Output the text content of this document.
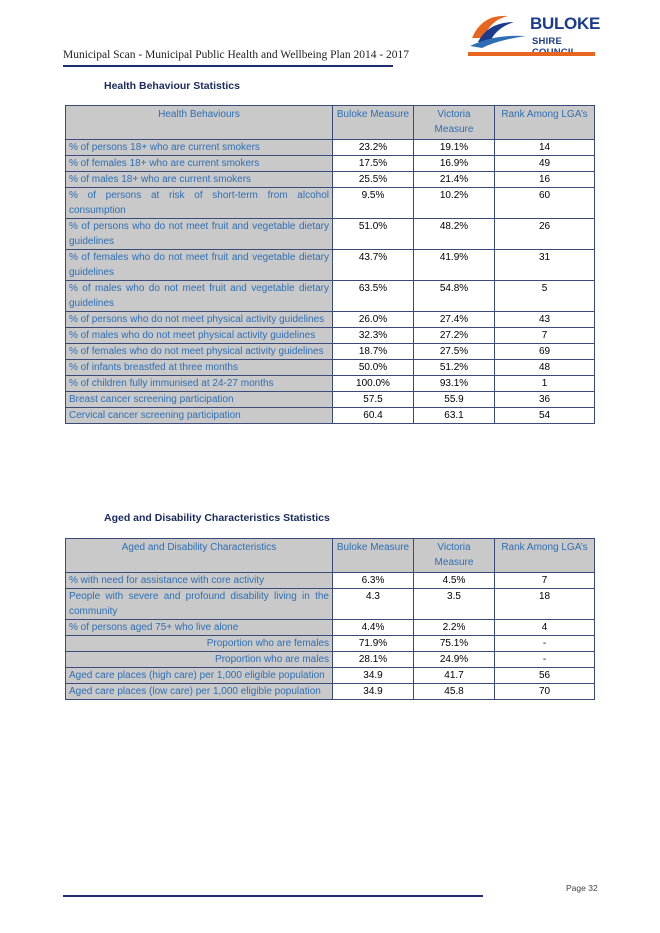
Municipal Scan - Municipal Public Health and Wellbeing Plan 2014 - 2017
BULOKE
SHIRE
Health Behaviour Statistics
Health Behaviours	Buloke Measure	Victoria Measure	Rank Among LGA’s
% of persons 18+ who are current smokers	23.2%	19.1%	14
% of females 18+ who are current smokers	17.5%	16.9%	49
% of males 18+ who are current smokers	25.5%	21.4%	16
% of persons at risk of short-term from alcohol consumption	9.5%	10.2%	60
% of persons who do not meet fruit and vegetable dietary guidelines	51.0%	48.2%	26
% of females who do not meet fruit and vegetable dietary guidelines	43.7%	41.9%	31
% of males who do not meet fruit and vegetable dietary guidelines	63.5%	54.8%	5
% of persons who do not meet physical activity guidelines	26.0%	27.4%	43
% of males who do not meet physical activity guidelines	32.3%	27.2%	7
% of females who do not meet physical activity guidelines	18.7%	27.5%	69
% of infants breastfed at three months	50.0%	51.2%	48
% of children fully immunised at 24-27 months	100.0%	93.1%	1
Breast cancer screening participation	57.5	55.9	36
Cervical cancer screening participation	60.4	63.1	54
Aged and Disability Characteristics Statistics
Aged and Disability Characteristics	Buloke Measure	Victoria Measure	Rank Among LGA’s
% with need for assistance with core activity	6.3%	4.5%	7
People with severe and profound disability living in the community	4.3	3.5	18
% of persons aged 75+ who live alone	4.4%	2.2%	4
Proportion who are females	71.9%	75.1%	-
Proportion who are males	28.1%	24.9%	-
Aged care places (high care) per 1,000 eligible population	34.9	41.7	56
Aged care places (low care) per 1,000 eligible population	34.9	45.8	70
Page 32
